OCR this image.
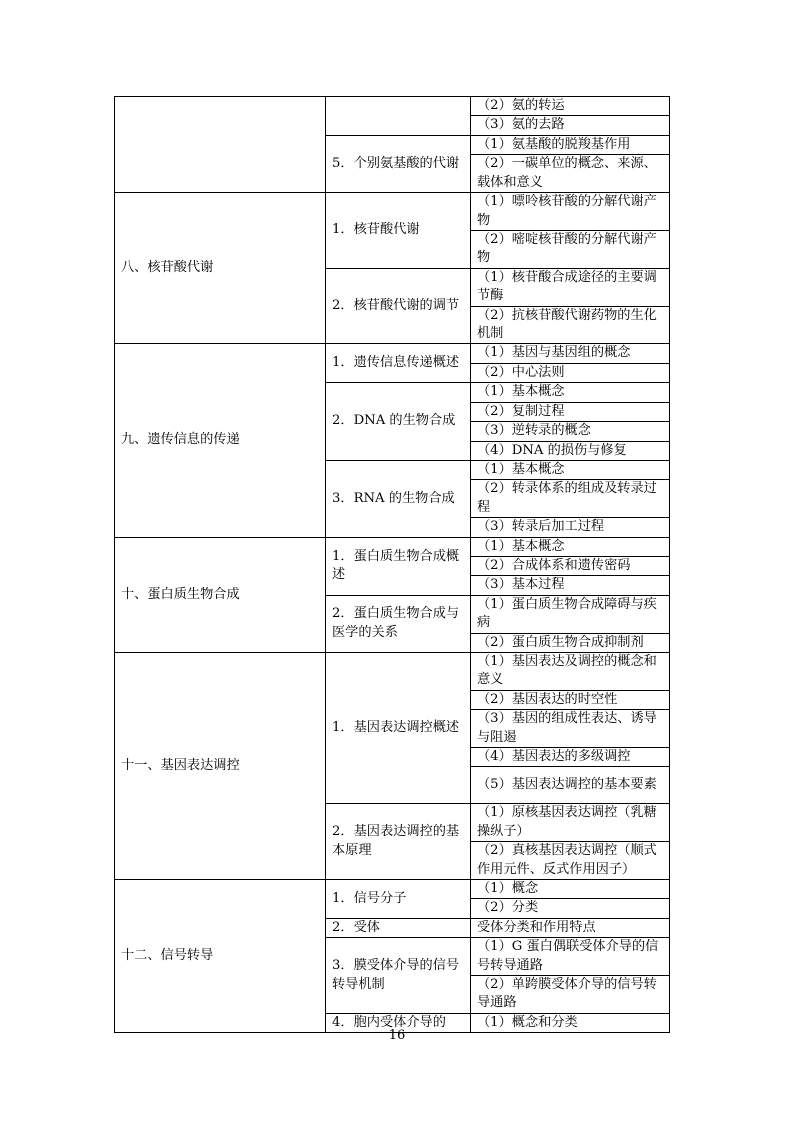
		（2）氨的转运
		（3）氨的去路
	5．个别氨基酸的代谢	（1）氨基酸的脱羧基作用
		（2）一碳单位的概念、来源、载体和意义
八、核苷酸代谢	1．核苷酸代谢	（1）嘌呤核苷酸的分解代谢产物
		（2）嘧啶核苷酸的分解代谢产物
	2．核苷酸代谢的调节	（1）核苷酸合成途径的主要调节酶
		（2）抗核苷酸代谢药物的生化机制
九、遗传信息的传递	1．遗传信息传递概述	（1）基因与基因组的概念
		（2）中心法则
	2．DNA 的生物合成	（1）基本概念
		（2）复制过程
		（3）逆转录的概念
		（4）DNA 的损伤与修复
	3．RNA 的生物合成	（1）基本概念
		（2）转录体系的组成及转录过程
		（3）转录后加工过程
十、蛋白质生物合成	1．蛋白质生物合成概述	（1）基本概念
		（2）合成体系和遗传密码
		（3）基本过程
	2．蛋白质生物合成与医学的关系	（1）蛋白质生物合成障碍与疾病
		（2）蛋白质生物合成抑制剂
十一、基因表达调控	1．基因表达调控概述	（1）基因表达及调控的概念和意义
		（2）基因表达的时空性
		（3）基因的组成性表达、诱导与阻遏
		（4）基因表达的多级调控
		（5）基因表达调控的基本要素
	2．基因表达调控的基本原理	（1）原核基因表达调控（乳糖操纵子）
		（2）真核基因表达调控（顺式作用元件、反式作用因子）
十二、信号转导	1．信号分子	（1）概念
		（2）分类
	2．受体	受体分类和作用特点
	3．膜受体介导的信号转导机制	（1）G 蛋白偶联受体介导的信号转导通路
		（2）单跨膜受体介导的信号转导通路
	4．胞内受体介导的	（1）概念和分类
16
